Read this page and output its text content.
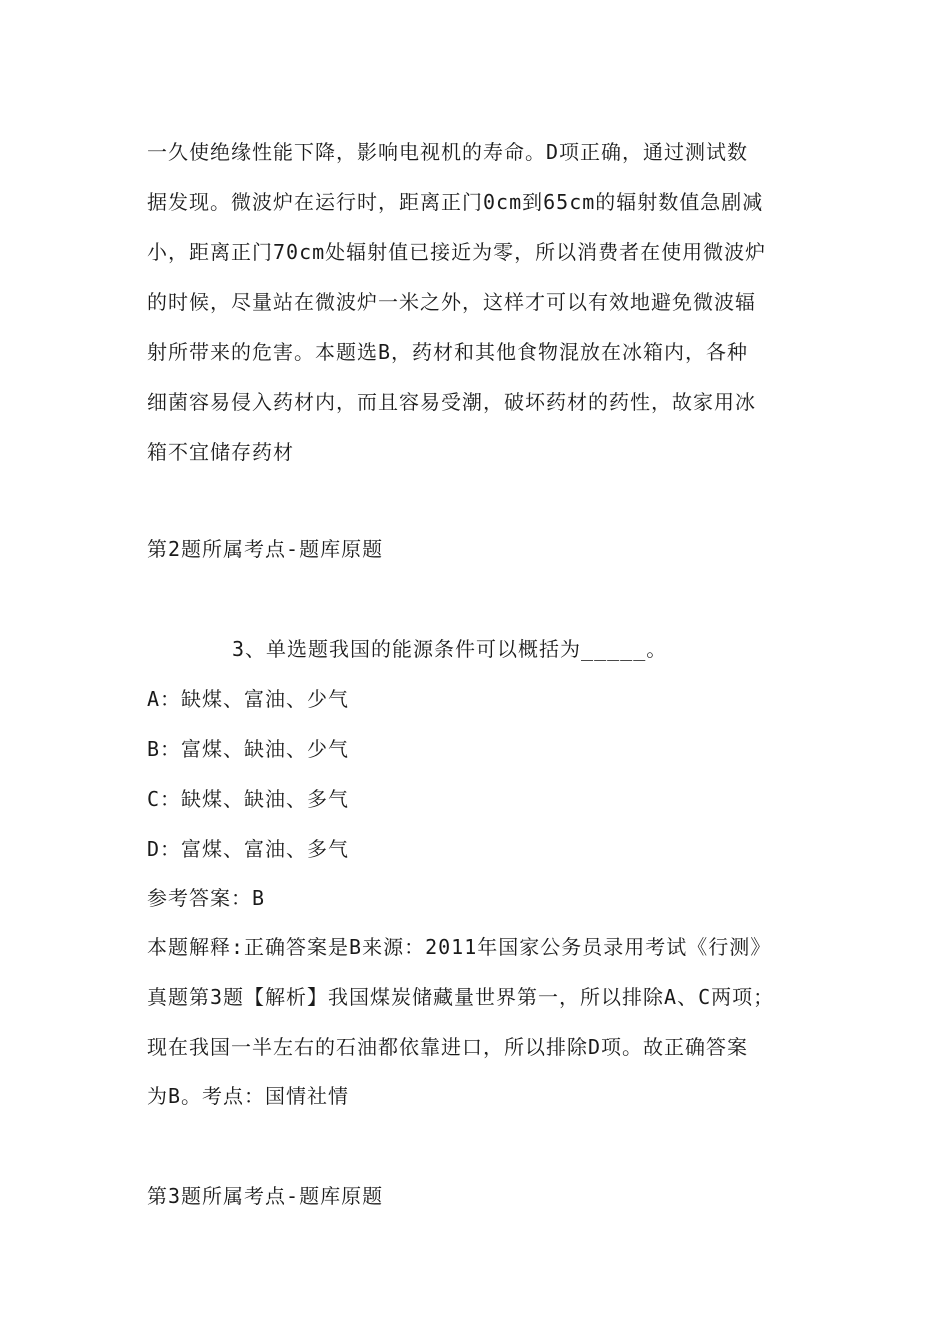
一久使绝缘性能下降，影响电视机的寿命。D项正确，通过测试数
据发现。微波炉在运行时，距离正门0cm到65cm的辐射数值急剧减
小，距离正门70cm处辐射值已接近为零，所以消费者在使用微波炉
的时候，尽量站在微波炉一米之外，这样才可以有效地避免微波辐
射所带来的危害。本题选B，药材和其他食物混放在冰箱内，各种
细菌容易侵入药材内，而且容易受潮，破坏药材的药性，故家用冰
箱不宜储存药材
第2题所属考点-题库原题
3、单选题我国的能源条件可以概括为_____。
A：缺煤、富油、少气
B：富煤、缺油、少气
C：缺煤、缺油、多气
D：富煤、富油、多气
参考答案：B
本题解释:正确答案是B来源：2011年国家公务员录用考试《行测》
真题第3题【解析】我国煤炭储藏量世界第一，所以排除A、C两项；
现在我国一半左右的石油都依靠进口，所以排除D项。故正确答案
为B。考点：国情社情
第3题所属考点-题库原题
